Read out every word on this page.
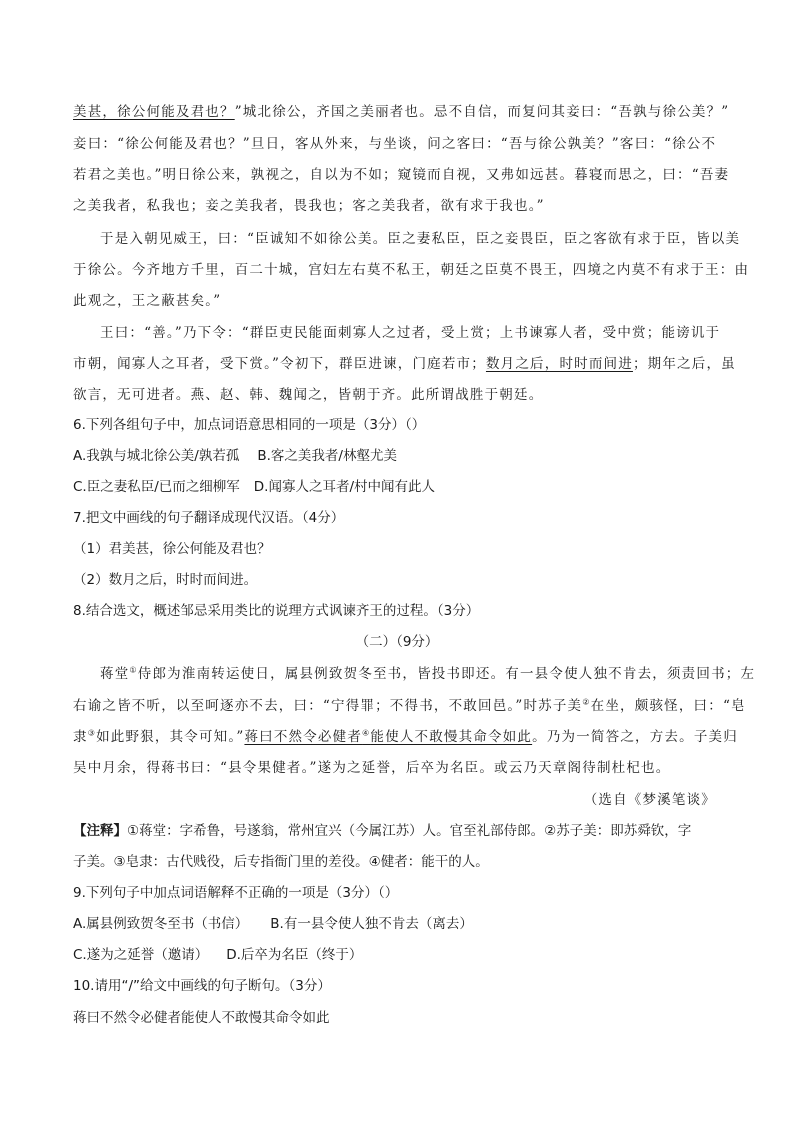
美甚，徐公何能及君也？”城北徐公，齐国之美丽者也。忌不自信，而复问其妾曰：“吾孰与徐公美？”
妾曰：“徐公何能及君也？”旦日，客从外来，与坐谈，问之客曰：“吾与徐公孰美？”客曰：“徐公不
若君之美也。”明日徐公来，孰视之，自以为不如；窥镜而自视，又弗如远甚。暮寝而思之，曰：“吾妻
之美我者，私我也；妾之美我者，畏我也；客之美我者，欲有求于我也。”
于是入朝见威王，曰：“臣诚知不如徐公美。臣之妻私臣，臣之妾畏臣，臣之客欲有求于臣，皆以美
于徐公。今齐地方千里，百二十城，宫妇左右莫不私王，朝廷之臣莫不畏王，四境之内莫不有求于王：由
此观之，王之蔽甚矣。”
王曰：“善。”乃下令：“群臣吏民能面刺寡人之过者，受上赏；上书谏寡人者，受中赏；能谤讥于
市朝，闻寡人之耳者，受下赏。”令初下，群臣进谏，门庭若市；数月之后，时时而间进；期年之后，虽
欲言，无可进者。燕、赵、韩、魏闻之，皆朝于齐。此所谓战胜于朝廷。
6.下列各组句子中，加点词语意思相同的一项是（3分）（）
A.我孰与城北徐公美/孰若孤 B.客之美我者/林壑尤美
C.臣之妻私臣/已而之细柳军 D.闻寡人之耳者/村中闻有此人
7.把文中画线的句子翻译成现代汉语。（4分）
（1）君美甚，徐公何能及君也？
（2）数月之后，时时而间进。
8.结合选文，概述邹忌采用类比的说理方式讽谏齐王的过程。（3分）
（二）（9分）
蒋堂①侍郎为淮南转运使日，属县例致贺冬至书，皆投书即还。有一县令使人独不肯去，须责回书；左
右谕之皆不听，以至呵逐亦不去，曰：“宁得罪；不得书，不敢回邑。”时苏子美②在坐，颇骇怪，曰：“皂
隶③如此野狠，其令可知。”蒋曰不然令必健者④能使人不敢慢其命令如此。乃为一简答之，方去。子美归
吴中月余，得蒋书曰：“县令果健者。”遂为之延誉，后卒为名臣。或云乃天章阁待制杜杞也。
（选自《梦溪笔谈》
【注释】①蒋堂：字希鲁，号遂翁，常州宜兴（今属江苏）人。官至礼部侍郎。②苏子美：即苏舜钦，字
子美。③皂隶：古代贱役，后专指衙门里的差役。④健者：能干的人。
9.下列句子中加点词语解释不正确的一项是（3分）（）
A.属县例致贺冬至书（书信） B.有一县令使人独不肯去（离去）
C.遂为之延誉（邀请） D.后卒为名臣（终于）
10.请用“/”给文中画线的句子断句。（3分）
蒋曰不然令必健者能使人不敢慢其命令如此
